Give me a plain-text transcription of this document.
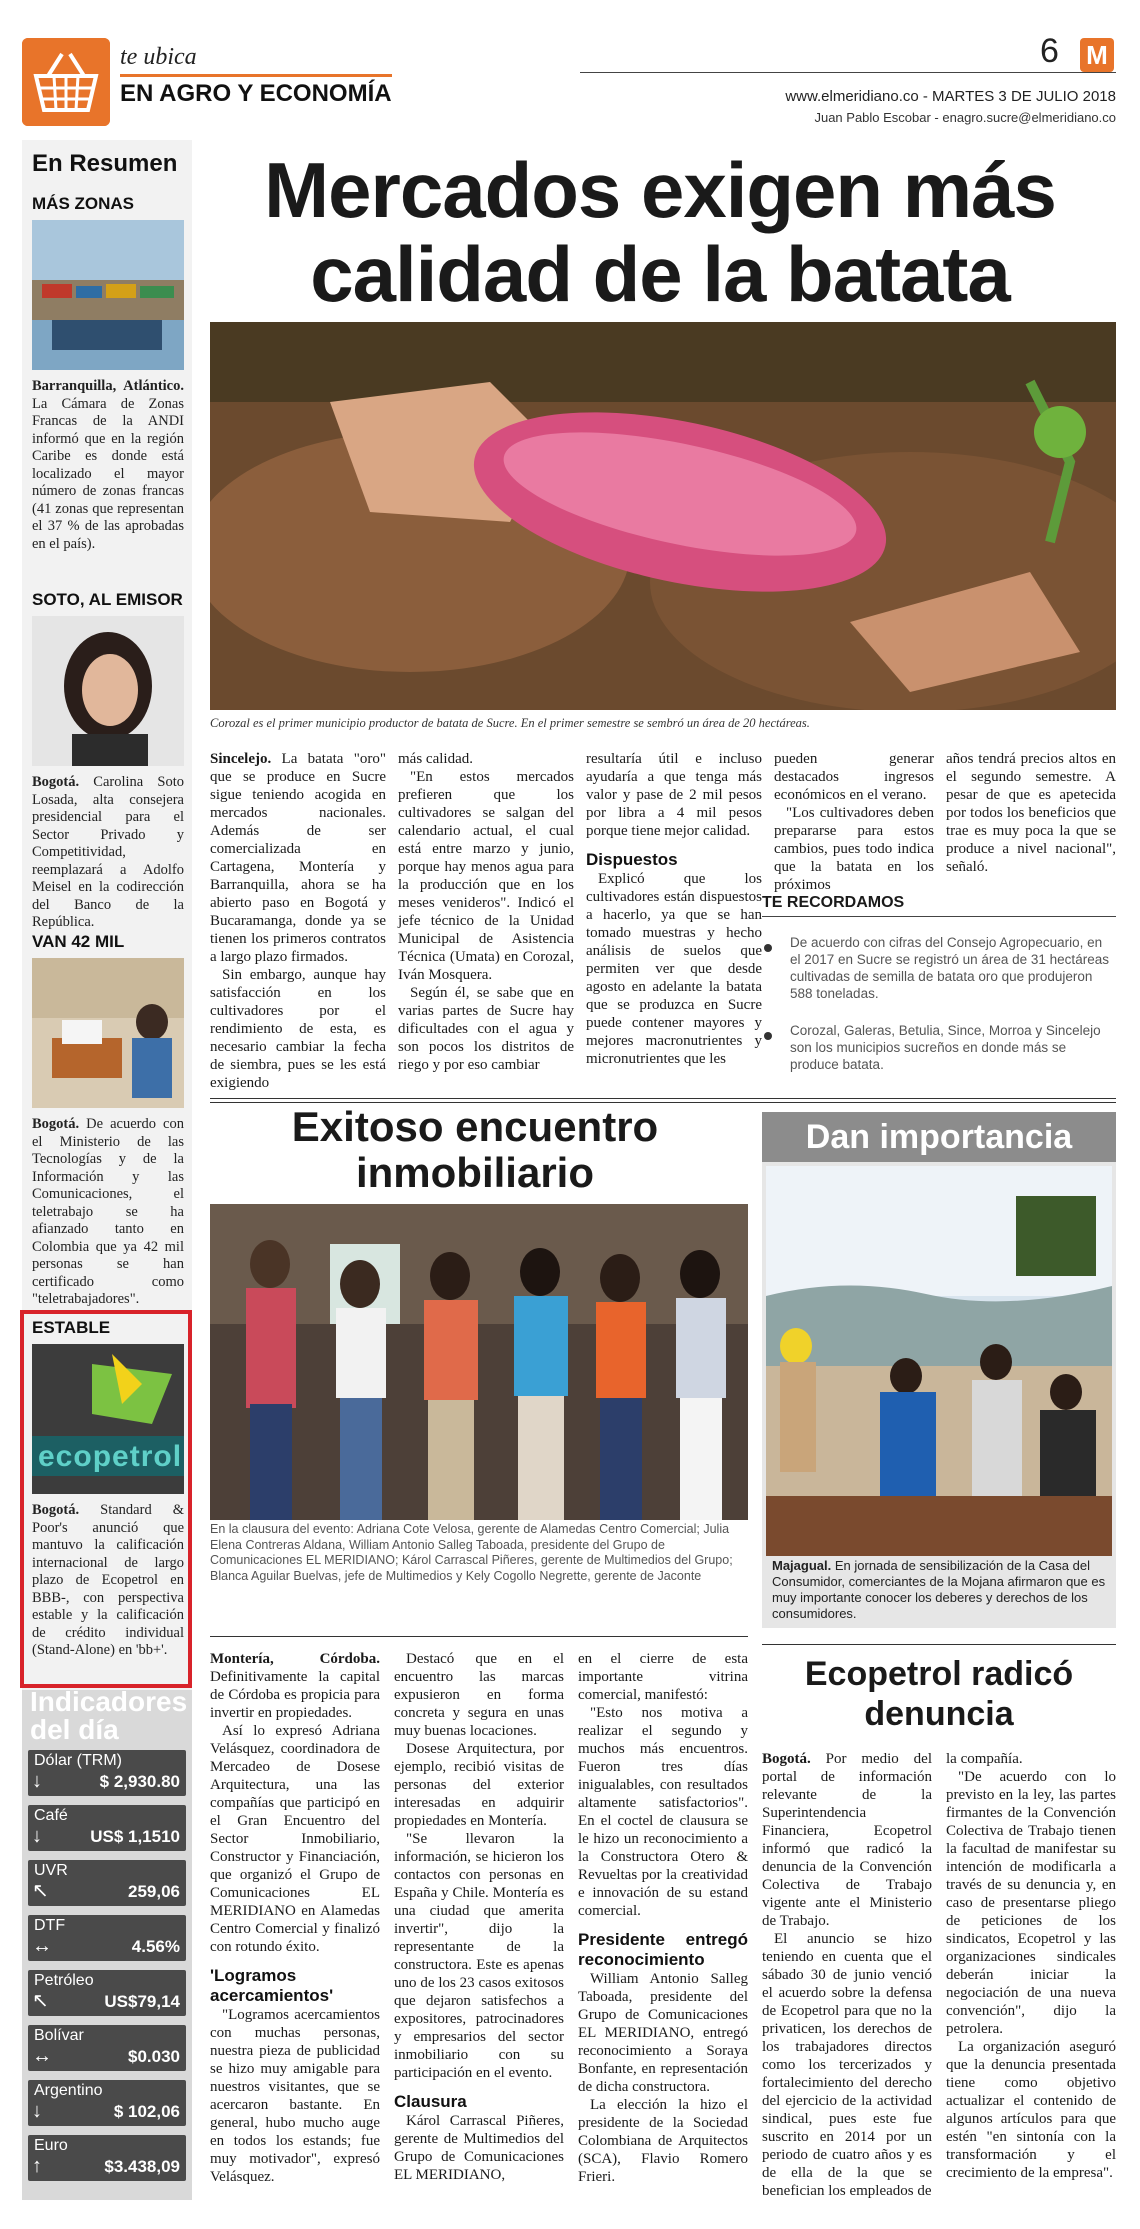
te ubica
EN AGRO Y ECONOMÍA
6 M
www.elmeridiano.co - MARTES 3 DE JULIO 2018
Juan Pablo Escobar - enagro.sucre@elmeridiano.co
En Resumen
MÁS ZONAS
Barranquilla, Atlántico. La Cámara de Zonas Francas de la ANDI informó que en la región Caribe es donde está localizado el mayor número de zonas francas (41 zonas que representan el 37 % de las aprobadas en el país).
SOTO, AL EMISOR
Bogotá. Carolina Soto Losada, alta consejera presidencial para el Sector Privado y Competitividad, reemplazará a Adolfo Meisel en la codirección del Banco de la República.
VAN 42 MIL
Bogotá. De acuerdo con el Ministerio de las Tecnologías y de la Información y las Comunicaciones, el teletrabajo se ha afianzado tanto en Colombia que ya 42 mil personas se han certificado como "teletrabajadores".
ESTABLE
ecopetrol
Bogotá. Standard & Poor's anunció que mantuvo la calificación internacional de largo plazo de Ecopetrol en BBB-, con perspectiva estable y la calificación de crédito individual (Stand-Alone) en 'bb+'.
Indicadores
del día
Dólar (TRM)
↓	$ 2,930.80
Café
↓	US$ 1,1510
UVR
↖	259,06
DTF
↔	4.56%
Petróleo
↖	US$79,14
Bolívar
↔	$0.030
Argentino
↓	$ 102,06
Euro
↑	$3.438,09
Mercados exigen más
calidad de la batata
Corozal es el primer municipio productor de batata de Sucre. En el primer semestre se sembró un área de 20 hectáreas.
Sincelejo. La batata "oro" que se produce en Sucre sigue teniendo acogida en mercados nacionales. Además de ser comercializada en Cartagena, Montería y Barranquilla, ahora se ha abierto paso en Bogotá y Bucaramanga, donde ya se tienen los primeros contratos a largo plazo firmados.
Sin embargo, aunque hay satisfacción en los cultivadores por el rendimiento de esta, es necesario cambiar la fecha de siembra, pues se les está exigiendo
más calidad.
"En estos mercados prefieren que los cultivadores se salgan del calendario actual, el cual está entre marzo y junio, porque hay menos agua para la producción que en los meses venideros". Indicó el jefe técnico de la Unidad Municipal de Asistencia Técnica (Umata) en Corozal, Iván Mosquera.
Según él, se sabe que en varias partes de Sucre hay dificultades con el agua y son pocos los distritos de riego y por eso cambiar
resultaría útil e incluso ayudaría a que tenga más valor y pase de 2 mil pesos por libra a 4 mil pesos porque tiene mejor calidad.
Dispuestos
Explicó que los cultivadores están dispuestos a hacerlo, ya que se han tomado muestras y hecho análisis de suelos que permiten ver que desde agosto en adelante la batata que se produzca en Sucre puede contener mayores y mejores macronutrientes y micronutrientes que les
pueden generar destacados ingresos económicos en el verano.
"Los cultivadores deben prepararse para estos cambios, pues todo indica que la batata en los próximos
años tendrá precios altos en el segundo semestre. A pesar de que es apetecida por todos los beneficios que trae es muy poca la que se produce a nivel nacional", señaló.
TE RECORDAMOS
De acuerdo con cifras del Consejo Agropecuario, en el 2017 en Sucre se registró un área de 31 hectáreas cultivadas de semilla de batata oro que produjeron 588 toneladas.
Corozal, Galeras, Betulia, Since, Morroa y Sincelejo son los municipios sucreños en donde más se produce batata.
Exitoso encuentro
inmobiliario
En la clausura del evento: Adriana Cote Velosa, gerente de Alamedas Centro Comercial; Julia Elena Contreras Aldana, William Antonio Salleg Taboada, presidente del Grupo de Comunicaciones EL MERIDIANO; Károl Carrascal Piñeres, gerente de Multimedios del Grupo; Blanca Aguilar Buelvas, jefe de Multimedios y Kely Cogollo Negrette, gerente de Jaconte
Montería, Córdoba. Definitivamente la capital de Córdoba es propicia para invertir en propiedades.
Así lo expresó Adriana Velásquez, coordinadora de Mercadeo de Dosese Arquitectura, una las compañías que participó en el Gran Encuentro del Sector Inmobiliario, Constructor y Financiación, que organizó el Grupo de Comunicaciones EL MERIDIANO en Alamedas Centro Comercial y finalizó con rotundo éxito.
'Logramos acercamientos'
"Logramos acercamientos con muchas personas, nuestra pieza de publicidad se hizo muy amigable para nuestros visitantes, que se acercaron bastante. En general, hubo mucho auge en todos los estands; fue muy motivador", expresó Velásquez.
Destacó que en el encuentro las marcas expusieron en forma concreta y segura en unas muy buenas locaciones.
Dosese Arquitectura, por ejemplo, recibió visitas de personas del exterior interesadas en adquirir propiedades en Montería.
"Se llevaron la información, se hicieron los contactos con personas en España y Chile. Montería es una ciudad que amerita invertir", dijo la representante de la constructora. Este es apenas uno de los 23 casos exitosos que dejaron satisfechos a expositores, patrocinadores y empresarios del sector inmobiliario con su participación en el evento.
Clausura
Károl Carrascal Piñeres, gerente de Multimedios del Grupo de Comunicaciones EL MERIDIANO,
en el cierre de esta importante vitrina comercial, manifestó:
"Esto nos motiva a realizar el segundo y muchos más encuentros. Fueron tres días inigualables, con resultados altamente satisfactorios". En el coctel de clausura se le hizo un reconocimiento a la Constructora Otero & Revueltas por la creatividad e innovación de su estand comercial.
Presidente entregó reconocimiento
William Antonio Salleg Taboada, presidente del Grupo de Comunicaciones EL MERIDIANO, entregó reconocimiento a Soraya Bonfante, en representación de dicha constructora.
La elección la hizo el presidente de la Sociedad Colombiana de Arquitectos (SCA), Flavio Romero Frieri.
Dan importancia
Majagual. En jornada de sensibilización de la Casa del Consumidor, comerciantes de la Mojana afirmaron que es muy importante conocer los deberes y derechos de los consumidores.
Ecopetrol radicó
denuncia
Bogotá. Por medio del portal de información relevante de la Superintendencia Financiera, Ecopetrol informó que radicó la denuncia de la Convención Colectiva de Trabajo vigente ante el Ministerio de Trabajo.
El anuncio se hizo teniendo en cuenta que el sábado 30 de junio venció el acuerdo sobre la defensa de Ecopetrol para que no la privaticen, los derechos de los trabajadores directos como los tercerizados y fortalecimiento del derecho del ejercicio de la actividad sindical, pues este fue suscrito en 2014 por un periodo de cuatro años y es de ella de la que se benefician los empleados de
la compañía.
"De acuerdo con lo previsto en la ley, las partes firmantes de la Convención Colectiva de Trabajo tienen la facultad de manifestar su intención de modificarla a través de su denuncia y, en caso de presentarse pliego de peticiones de los sindicatos, Ecopetrol y las organizaciones sindicales deberán iniciar la negociación de una nueva convención", dijo la petrolera.
La organización aseguró que la denuncia presentada tiene como objetivo actualizar el contenido de algunos artículos para que estén "en sintonía con la transformación y el crecimiento de la empresa".
